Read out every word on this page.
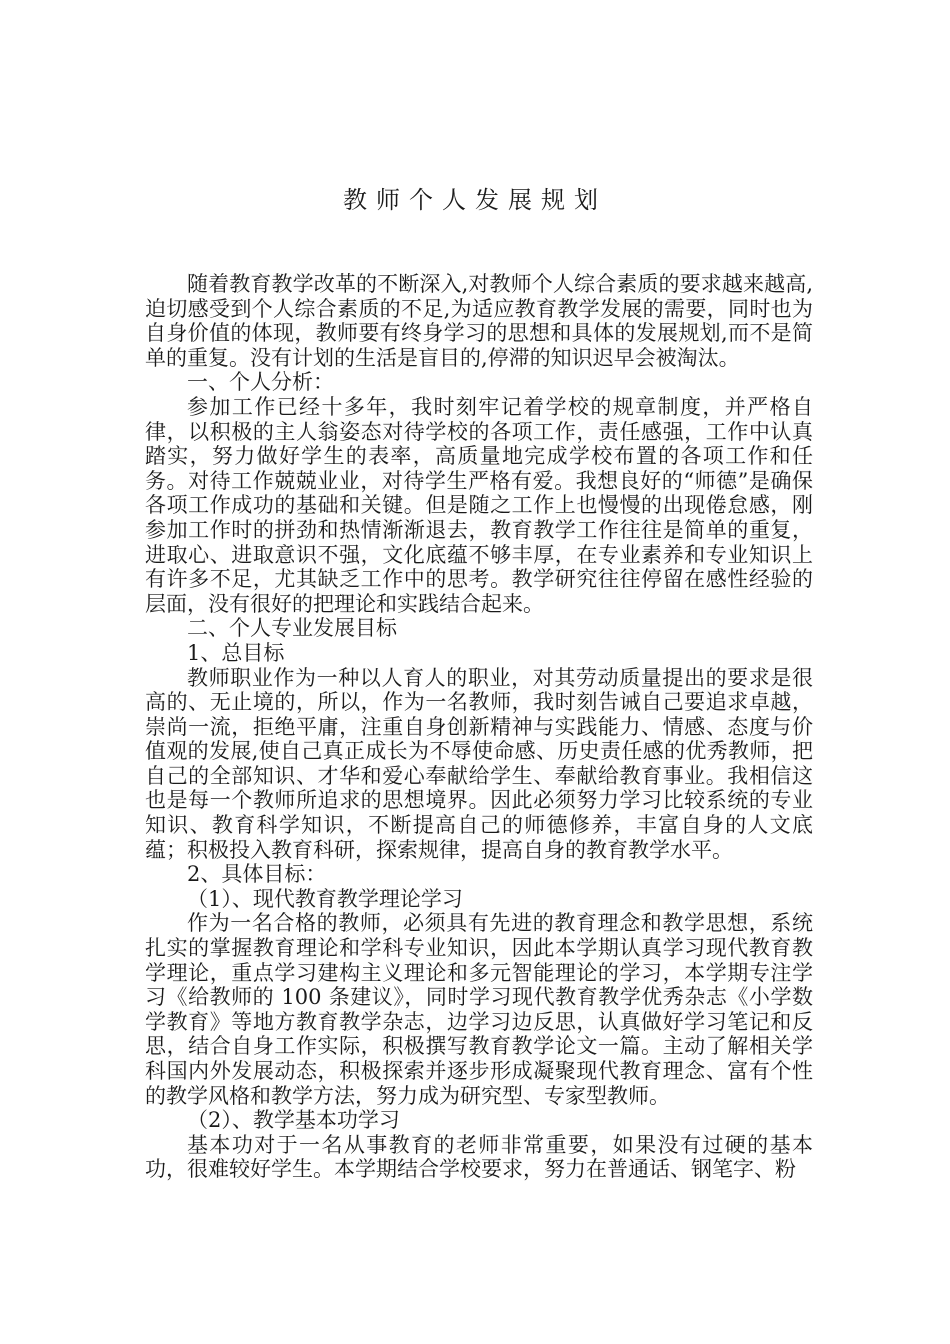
教师个人发展规划

随着教育教学改革的不断深入,对教师个人综合素质的要求越来越高,迫切感受到个人综合素质的不足,为适应教育教学发展的需要，同时也为自身价值的体现，教师要有终身学习的思想和具体的发展规划,而不是简单的重复。没有计划的生活是盲目的,停滞的知识迟早会被淘汰。

一、个人分析：

参加工作已经十多年，我时刻牢记着学校的规章制度，并严格自律，以积极的主人翁姿态对待学校的各项工作，责任感强，工作中认真踏实，努力做好学生的表率，高质量地完成学校布置的各项工作和任务。对待工作兢兢业业，对待学生严格有爱。我想良好的“师德”是确保各项工作成功的基础和关键。但是随之工作上也慢慢的出现倦怠感，刚参加工作时的拼劲和热情渐渐退去，教育教学工作往往是简单的重复，进取心、进取意识不强，文化底蕴不够丰厚，在专业素养和专业知识上有许多不足，尤其缺乏工作中的思考。教学研究往往停留在感性经验的层面，没有很好的把理论和实践结合起来。

二、个人专业发展目标

1、总目标

教师职业作为一种以人育人的职业，对其劳动质量提出的要求是很高的、无止境的，所以，作为一名教师，我时刻告诫自己要追求卓越，崇尚一流，拒绝平庸，注重自身创新精神与实践能力、情感、态度与价值观的发展,使自己真正成长为不辱使命感、历史责任感的优秀教师，把自己的全部知识、才华和爱心奉献给学生、奉献给教育事业。我相信这也是每一个教师所追求的思想境界。因此必须努力学习比较系统的专业知识、教育科学知识，不断提高自己的师德修养，丰富自身的人文底蕴；积极投入教育科研，探索规律，提高自身的教育教学水平。

2、具体目标：

（1）、现代教育教学理论学习

作为一名合格的教师，必须具有先进的教育理念和教学思想，系统扎实的掌握教育理论和学科专业知识，因此本学期认真学习现代教育教学理论，重点学习建构主义理论和多元智能理论的学习，本学期专注学习《给教师的 100 条建议》，同时学习现代教育教学优秀杂志《小学数学教育》等地方教育教学杂志，边学习边反思，认真做好学习笔记和反思，结合自身工作实际，积极撰写教育教学论文一篇。主动了解相关学科国内外发展动态，积极探索并逐步形成凝聚现代教育理念、富有个性的教学风格和教学方法，努力成为研究型、专家型教师。

（2）、教学基本功学习

基本功对于一名从事教育的老师非常重要，如果没有过硬的基本功，很难较好学生。本学期结合学校要求，努力在普通话、钢笔字、粉
